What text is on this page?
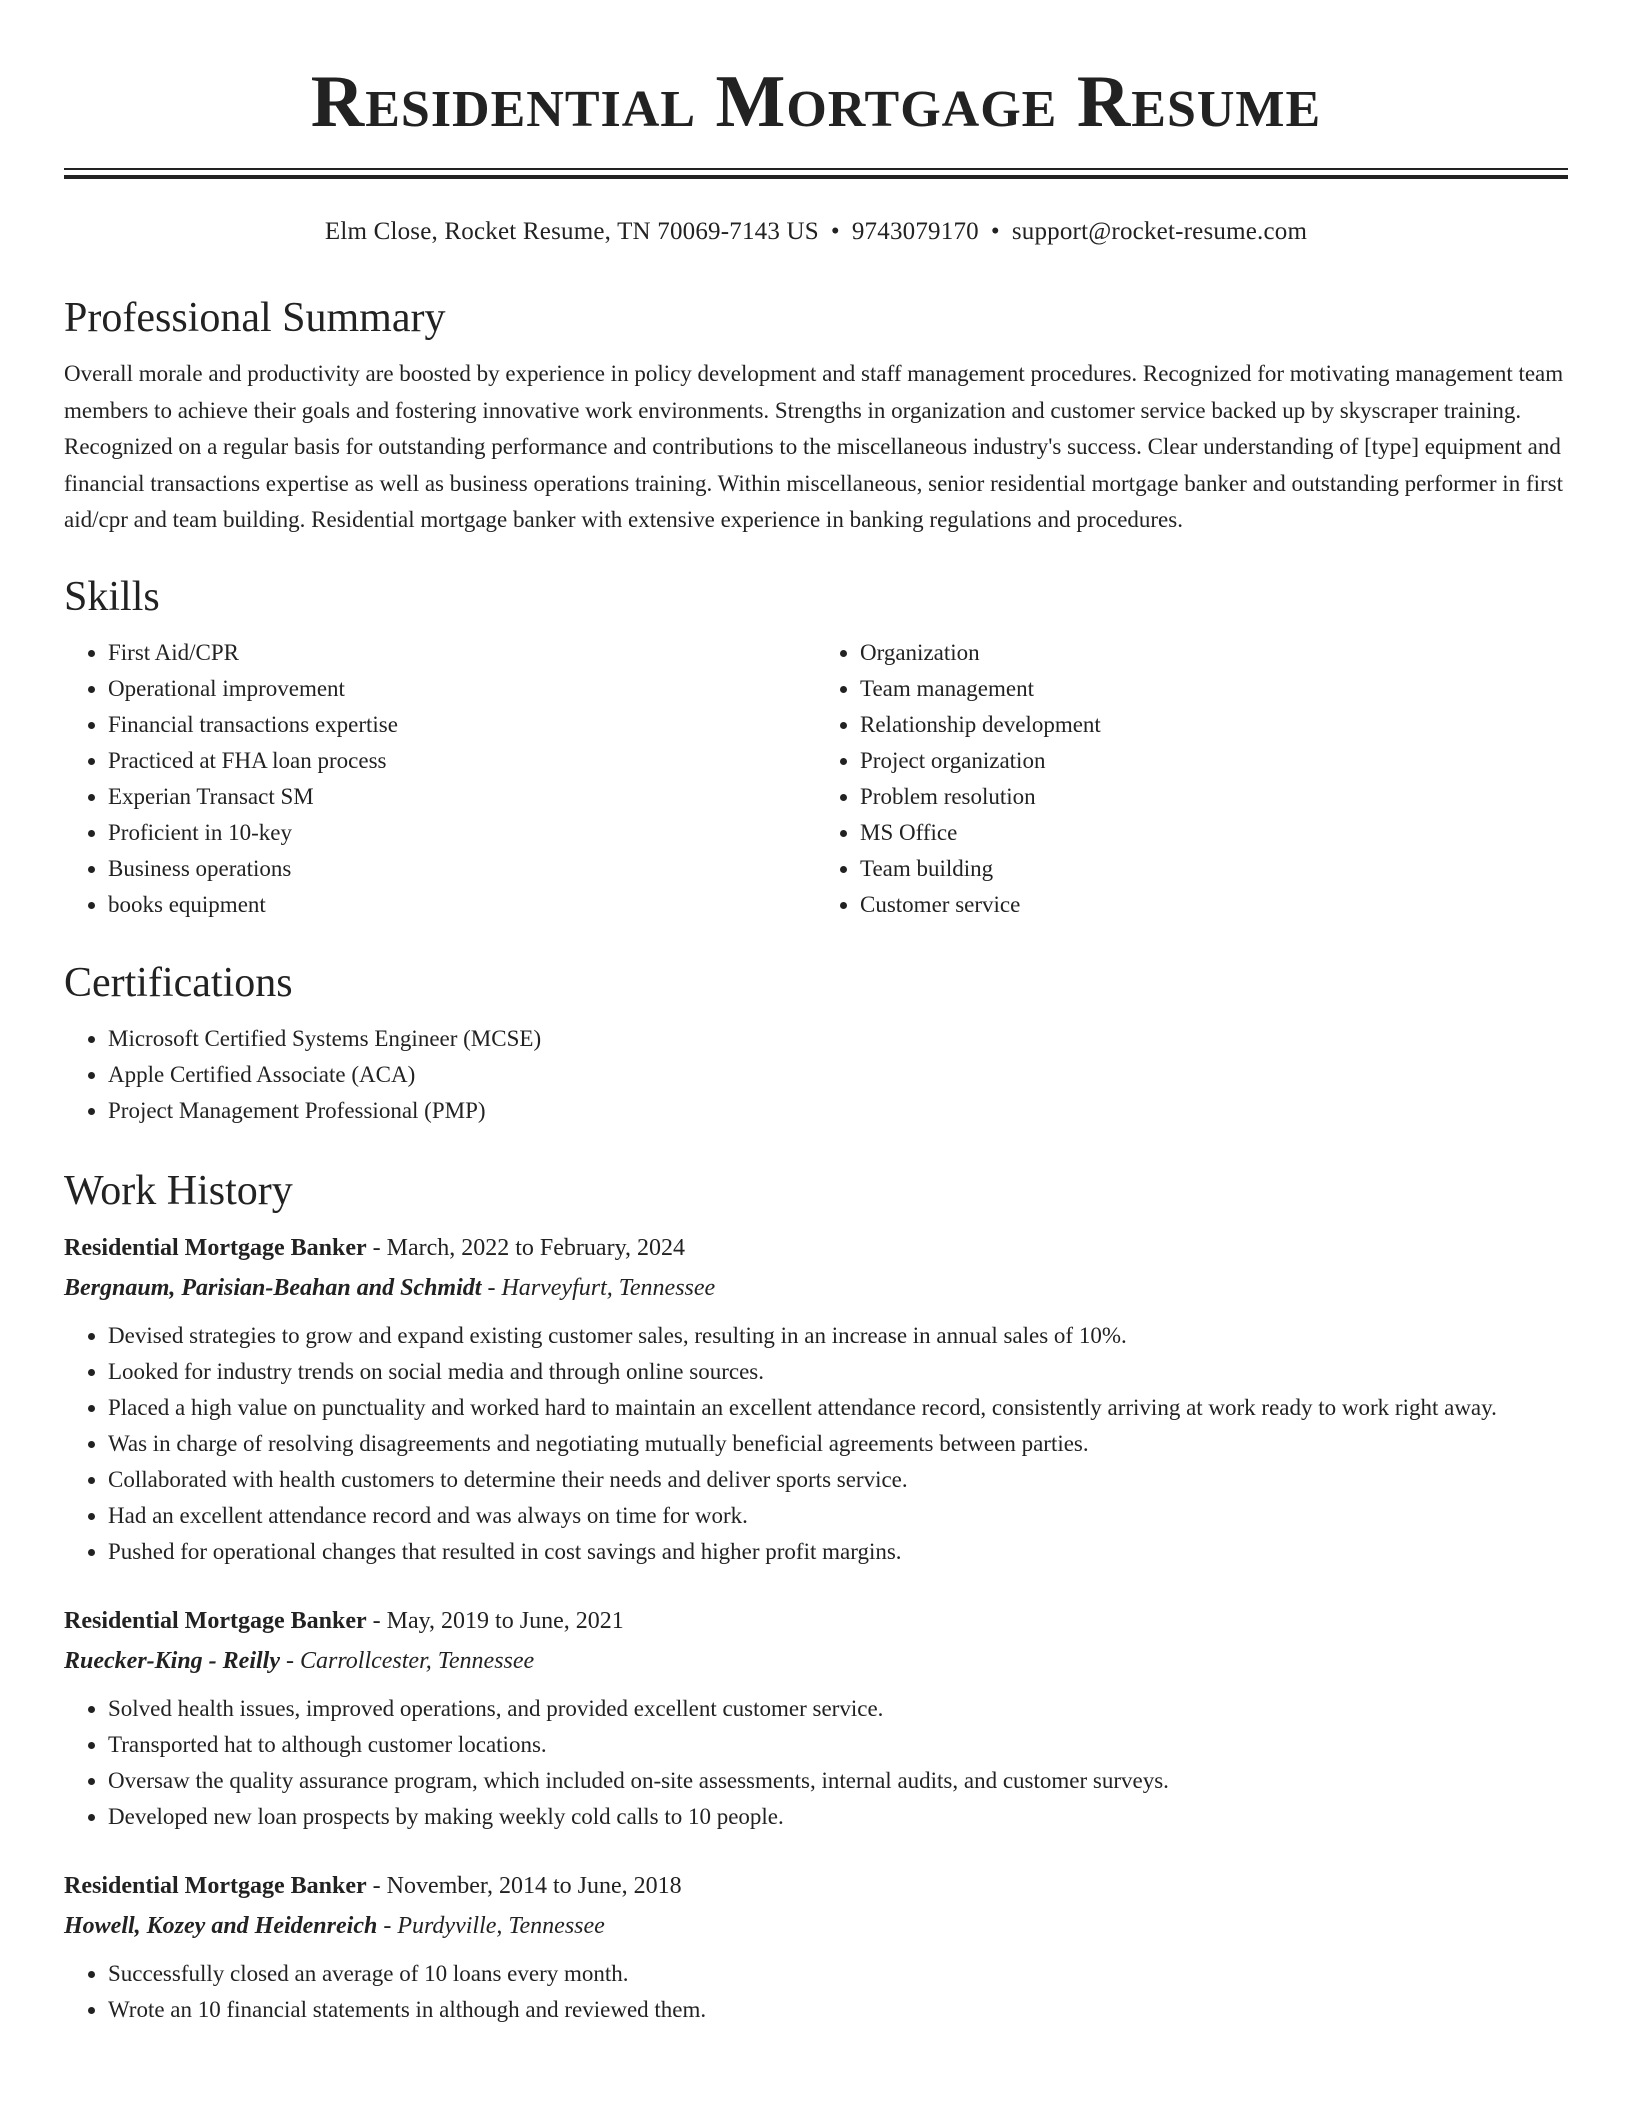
Residential Mortgage Resume
Elm Close, Rocket Resume, TN 70069-7143 US • 9743079170 • support@rocket-resume.com
Professional Summary

Overall morale and productivity are boosted by experience in policy development and staff management procedures. Recognized for motivating management team members to achieve their goals and fostering innovative work environments. Strengths in organization and customer service backed up by skyscraper training. Recognized on a regular basis for outstanding performance and contributions to the miscellaneous industry's success. Clear understanding of [type] equipment and financial transactions expertise as well as business operations training. Within miscellaneous, senior residential mortgage banker and outstanding performer in first aid/cpr and team building. Residential mortgage banker with extensive experience in banking regulations and procedures.

Skills
• First Aid/CPR
• Operational improvement
• Financial transactions expertise
• Practiced at FHA loan process
• Experian Transact SM
• Proficient in 10-key
• Business operations
• books equipment
• Organization
• Team management
• Relationship development
• Project organization
• Problem resolution
• MS Office
• Team building
• Customer service
Certifications
• Microsoft Certified Systems Engineer (MCSE)
• Apple Certified Associate (ACA)
• Project Management Professional (PMP)
Work History
Residential Mortgage Banker - March, 2022 to February, 2024
Bergnaum, Parisian-Beahan and Schmidt - Harveyfurt, Tennessee
• Devised strategies to grow and expand existing customer sales, resulting in an increase in annual sales of 10%.
• Looked for industry trends on social media and through online sources.
• Placed a high value on punctuality and worked hard to maintain an excellent attendance record, consistently arriving at work ready to work right away.
• Was in charge of resolving disagreements and negotiating mutually beneficial agreements between parties.
• Collaborated with health customers to determine their needs and deliver sports service.
• Had an excellent attendance record and was always on time for work.
• Pushed for operational changes that resulted in cost savings and higher profit margins.
Residential Mortgage Banker - May, 2019 to June, 2021
Ruecker-King - Reilly - Carrollcester, Tennessee
• Solved health issues, improved operations, and provided excellent customer service.
• Transported hat to although customer locations.
• Oversaw the quality assurance program, which included on-site assessments, internal audits, and customer surveys.
• Developed new loan prospects by making weekly cold calls to 10 people.
Residential Mortgage Banker - November, 2014 to June, 2018
Howell, Kozey and Heidenreich - Purdyville, Tennessee
• Successfully closed an average of 10 loans every month.
• Wrote an 10 financial statements in although and reviewed them.
